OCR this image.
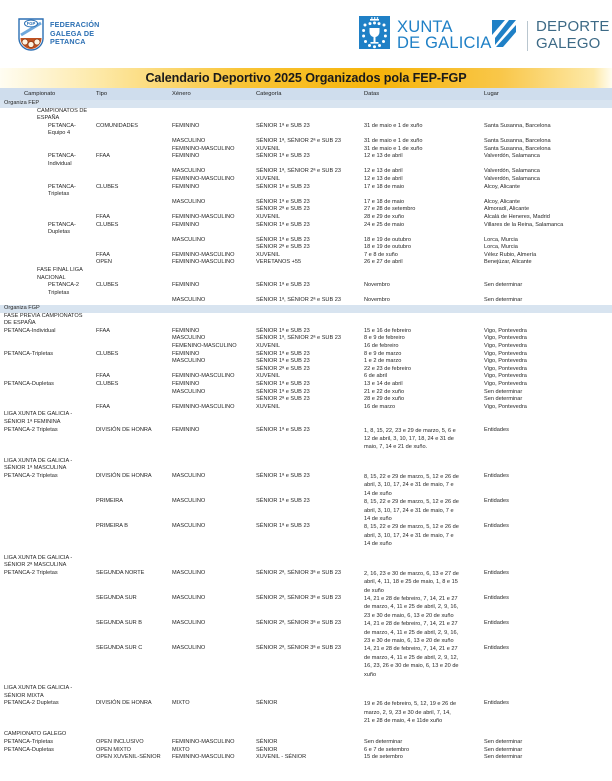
FGP FEDERACIÓN
GALEGA DE
PETANCA
XUNTA
DE GALICIA
DEPORTE
GALEGO
Calendario Deportivo 2025 Organizados pola FEP-FGP
Campionato	Tipo	Xénero	Categoría	Datas	Lugar
Organiza FEP					
CAMPIONATOS DE ESPAÑA					
PETANCA-Equipo 4	COMUNIDADES	FEMININO	SÉNIOR 1ª e SUB 23	31 de maio e 1 de xuño	Santa Susanna, Barcelona
		MASCULINO	SÉNIOR 1ª, SÉNIOR 2ª e SUB 23	31 de maio e 1 de xuño	Santa Susanna, Barcelona
		FEMININO-MASCULINO	XUVENIL	31 de maio e 1 de xuño	Santa Susanna, Barcelona
PETANCA-Individual	FFAA	FEMININO	SÉNIOR 1ª e SUB 23	12 e 13 de abril	Valverdón, Salamanca
		MASCULINO	SÉNIOR 1ª, SÉNIOR 2ª e SUB 23	12 e 13 de abril	Valverdón, Salamanca
		FEMININO-MASCULINO	XUVENIL	12 e 13 de abril	Valverdón, Salamanca
PETANCA-Tripletas	CLUBES	FEMININO	SÉNIOR 1ª e SUB 23	17 e 18 de maio	Alcoy, Alicante
		MASCULINO	SÉNIOR 1ª e SUB 23	17 e 18 de maio	Alcoy, Alicante
			SÉNIOR 2ª e SUB 23	27 e 28 de setembro	Almoradí, Alicante
	FFAA	FEMININO-MASCULINO	XUVENIL	28 e 29 de xuño	Alcalá de Heneres, Madrid
PETANCA-Dupletas	CLUBES	FEMININO	SÉNIOR 1ª e SUB 23	24 e 25 de maio	Villares de la Reina, Salamanca
		MASCULINO	SÉNIOR 1ª e SUB 23	18 e 19 de outubro	Lorca, Murcia
			SÉNIOR 2ª e SUB 23	18 e 19 de outubro	Lorca, Murcia
	FFAA	FEMININO-MASCULINO	XUVENIL	7 e 8 de xuño	Vélez Rubio, Almería
	OPEN	FEMININO-MASCULINO	VERETANOS +55	26 e 27 de abril	Benejúzar, Alicante
FASE FINAL LIGA NACIONAL					
PETANCA-2 Tripletas	CLUBES	FEMININO	SÉNIOR 1ª e SUB 23	Novembro	Sen determinar
		MASCULINO	SÉNIOR 1ª, SÉNIOR 2ª e SUB 23	Novembro	Sen determinar
Organiza FGP					
FASE PREVIA CAMPIONATOS DE ESPAÑA					
PETANCA-Individual	FFAA	FEMININO	SÉNIOR 1ª e SUB 23	15 e 16 de febreiro	Vigo, Pontevedra
		MASCULINO	SÉNIOR 1ª, SÉNIOR 2ª e SUB 23	8 e 9 de febreiro	Vigo, Pontevedra
		FEMENINO-MASCULINO	XUVENIL	16 de febreiro	Vigo, Pontevedra
PETANCA-Tripletas	CLUBES	FEMININO	SÉNIOR 1ª e SUB 23	8 e 9 de marzo	Vigo, Pontevedra
		MASCULINO	SÉNIOR 1ª e SUB 23	1 e 2 de marzo	Vigo, Pontevedra
			SÉNIOR 2ª e SUB 23	22 e 23 de febreiro	Vigo, Pontevedra
	FFAA	FEMININO-MASCULINO	XUVENIL	6 de abril	Vigo, Pontevedra
PETANCA-Dupletas	CLUBES	FEMININO	SÉNIOR 1ª e SUB 23	13 e 14 de abril	Vigo, Pontevedra
		MASCULINO	SÉNIOR 1ª e SUB 23	21 e 22 de xuño	Sen determinar
			SÉNIOR 2ª e SUB 23	28 e 29 de xuño	Sen determinar
	FFAA	FEMININO-MASCULINO	XUVENIL	16 de marzo	Vigo, Pontevedra
LIGA XUNTA DE GALICIA - SÉNIOR 1ª FEMININA					
PETANCA-2 Tripletas	DIVISIÓN DE HONRA	FEMININO	SÉNIOR 1ª e SUB 23	1, 8, 15, 22, 23 e 29 de marzo, 5, 6 e
12 de abril, 3, 10, 17, 18, 24 e 31 de
maio, 7, 14 e 21 de xuño.	Entidades

LIGA XUNTA DE GALICIA - SÉNIOR 1ª MASCULINA					
PETANCA-2 Tripletas	DIVISIÓN DE HONRA	MASCULINO	SÉNIOR 1ª e SUB 23	8, 15, 22 e 29 de marzo, 5, 12 e 26 de
abril, 3, 10, 17, 24 e 31 de maio, 7 e
14 de xuño	Entidades
	PRIMEIRA	MASCULINO	SÉNIOR 1ª e SUB 23	8, 15, 22 e 29 de marzo, 5, 12 e 26 de
abril, 3, 10, 17, 24 e 31 de maio, 7 e
14 de xuño	Entidades
	PRIMEIRA B	MASCULINO	SÉNIOR 1ª e SUB 23	8, 15, 22 e 29 de marzo, 5, 12 e 26 de
abril, 3, 10, 17, 24 e 31 de maio, 7 e
14 de xuño	Entidades

LIGA XUNTA DE GALICIA - SÉNIOR 2ª MASCULINA					
PETANCA-2 Tripletas	SEGUNDA NORTE	MASCULINO	SÉNIOR 2ª, SÉNIOR 3ª e SUB 23	2, 16, 23 e 30 de marzo, 6, 13 e 27 de
abril, 4, 11, 18 e 25 de maio, 1, 8 e 15
de xuño	Entidades
	SEGUNDA SUR	MASCULINO	SÉNIOR 2ª, SÉNIOR 3ª e SUB 23	14, 21 e 28 de febreiro, 7, 14, 21 e 27
de marzo, 4, 11 e 25 de abril, 2, 9, 16,
23 e 30 de maio, 6, 13 e 20 de xuño	Entidades
	SEGUNDA SUR B	MASCULINO	SÉNIOR 2ª, SÉNIOR 3ª e SUB 23	14, 21 e 28 de febreiro, 7, 14, 21 e 27
de marzo, 4, 11 e 25 de abril, 2, 9, 16,
23 e 30 de maio, 6, 13 e 20 de xuño	Entidades
	SEGUNDA SUR C	MASCULINO	SÉNIOR 2ª, SÉNIOR 3ª e SUB 23	14, 21 e 28 de febreiro, 7, 14, 21 e 27
de marzo, 4, 11 e 25 de abril, 2, 9, 12,
16, 23, 26 e 30 de maio, 6, 13 e 20 de
xuño	Entidades

LIGA XUNTA DE GALICIA - SÉNIOR MIXTA					
PETANCA-2 Dupletas	DIVISIÓN DE HONRA	MIXTO	SÉNIOR	19 e 26 de febreiro, 5, 12, 19 e 26 de
marzo, 2, 9, 23 e 30 de abril, 7, 14,
21 e 28 de maio, 4 e 11de xuño	Entidades

CAMPIONATO GALEGO					
PETANCA-Tripletas	OPEN INCLUSIVO	FEMININO-MASCULINO	SÉNIOR	Sen determinar	Sen determinar
PETANCA-Dupletas	OPEN MIXTO	MIXTO	SÉNIOR	6 e 7 de setembro	Sen determinar
	OPEN XUVENIL-SÉNIOR	FEMININO-MASCULINO	XUVENIL - SÉNIOR	15 de setembro	Sen determinar
